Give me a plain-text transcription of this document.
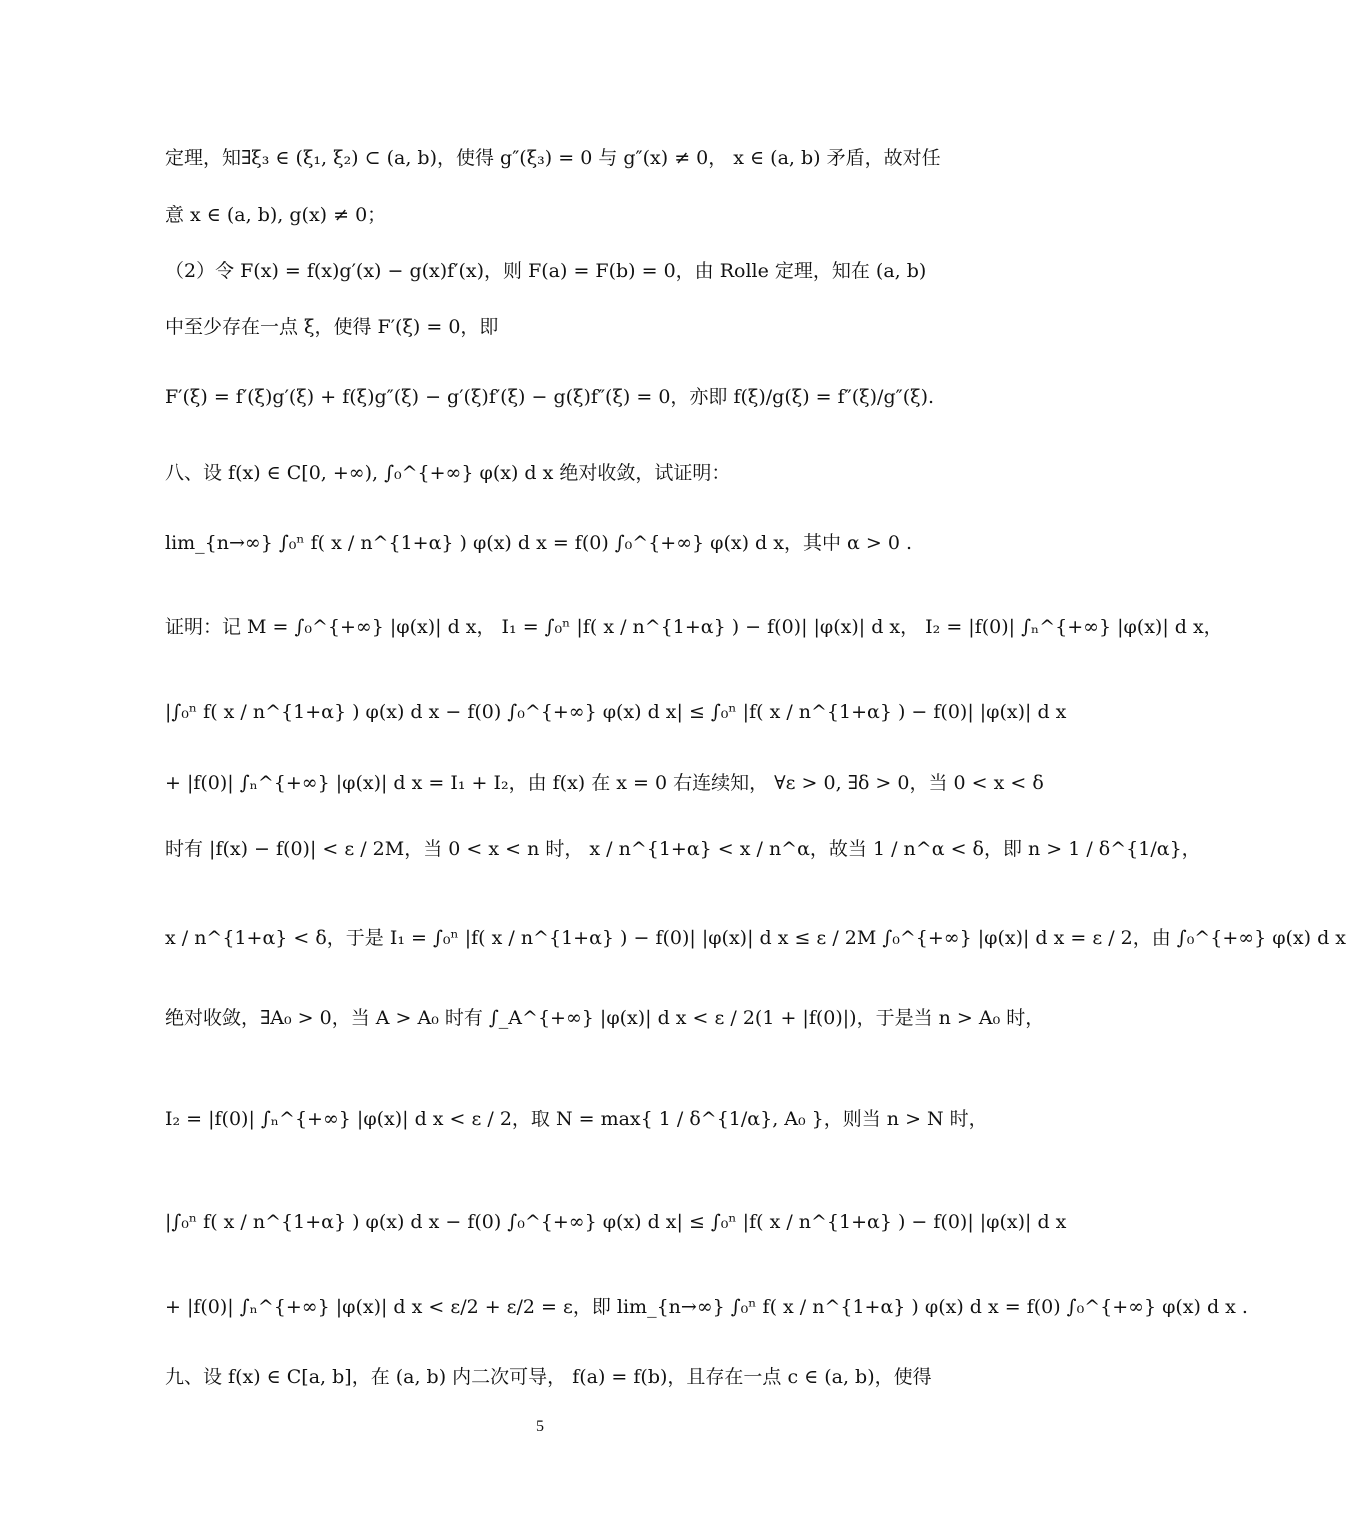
定理，知∃ξ₃ ∈ (ξ₁, ξ₂) ⊂ (a, b)，使得 g″(ξ₃) = 0 与 g″(x) ≠ 0， x ∈ (a, b) 矛盾，故对任
意 x ∈ (a, b), g(x) ≠ 0；
（2）令 F(x) = f(x)g′(x) − g(x)f′(x)，则 F(a) = F(b) = 0，由 Rolle 定理，知在 (a, b)
中至少存在一点 ξ，使得 F′(ξ) = 0，即
F′(ξ) = f′(ξ)g′(ξ) + f(ξ)g″(ξ) − g′(ξ)f′(ξ) − g(ξ)f″(ξ) = 0，亦即 f(ξ)/g(ξ) = f″(ξ)/g″(ξ).
八、设 f(x) ∈ C[0, +∞), ∫₀^{+∞} φ(x) d x 绝对收敛，试证明：
lim_{n→∞} ∫₀ⁿ f( x / n^{1+α} ) φ(x) d x = f(0) ∫₀^{+∞} φ(x) d x，其中 α > 0 .
证明：记 M = ∫₀^{+∞} |φ(x)| d x， I₁ = ∫₀ⁿ |f( x / n^{1+α} ) − f(0)| |φ(x)| d x， I₂ = |f(0)| ∫ₙ^{+∞} |φ(x)| d x，
|∫₀ⁿ f( x / n^{1+α} ) φ(x) d x − f(0) ∫₀^{+∞} φ(x) d x| ≤ ∫₀ⁿ |f( x / n^{1+α} ) − f(0)| |φ(x)| d x
+ |f(0)| ∫ₙ^{+∞} |φ(x)| d x = I₁ + I₂，由 f(x) 在 x = 0 右连续知， ∀ε > 0, ∃δ > 0，当 0 < x < δ
时有 |f(x) − f(0)| < ε / 2M，当 0 < x < n 时， x / n^{1+α} < x / n^α，故当 1 / n^α < δ，即 n > 1 / δ^{1/α}，
x / n^{1+α} < δ，于是 I₁ = ∫₀ⁿ |f( x / n^{1+α} ) − f(0)| |φ(x)| d x ≤ ε / 2M ∫₀^{+∞} |φ(x)| d x = ε / 2，由 ∫₀^{+∞} φ(x) d x
绝对收敛，∃A₀ > 0，当 A > A₀ 时有 ∫_A^{+∞} |φ(x)| d x < ε / 2(1 + |f(0)|)，于是当 n > A₀ 时，
I₂ = |f(0)| ∫ₙ^{+∞} |φ(x)| d x < ε / 2，取 N = max{ 1 / δ^{1/α}, A₀ }，则当 n > N 时，
|∫₀ⁿ f( x / n^{1+α} ) φ(x) d x − f(0) ∫₀^{+∞} φ(x) d x| ≤ ∫₀ⁿ |f( x / n^{1+α} ) − f(0)| |φ(x)| d x
+ |f(0)| ∫ₙ^{+∞} |φ(x)| d x < ε/2 + ε/2 = ε，即 lim_{n→∞} ∫₀ⁿ f( x / n^{1+α} ) φ(x) d x = f(0) ∫₀^{+∞} φ(x) d x .
九、设 f(x) ∈ C[a, b]，在 (a, b) 内二次可导， f(a) = f(b)，且存在一点 c ∈ (a, b)，使得
5
